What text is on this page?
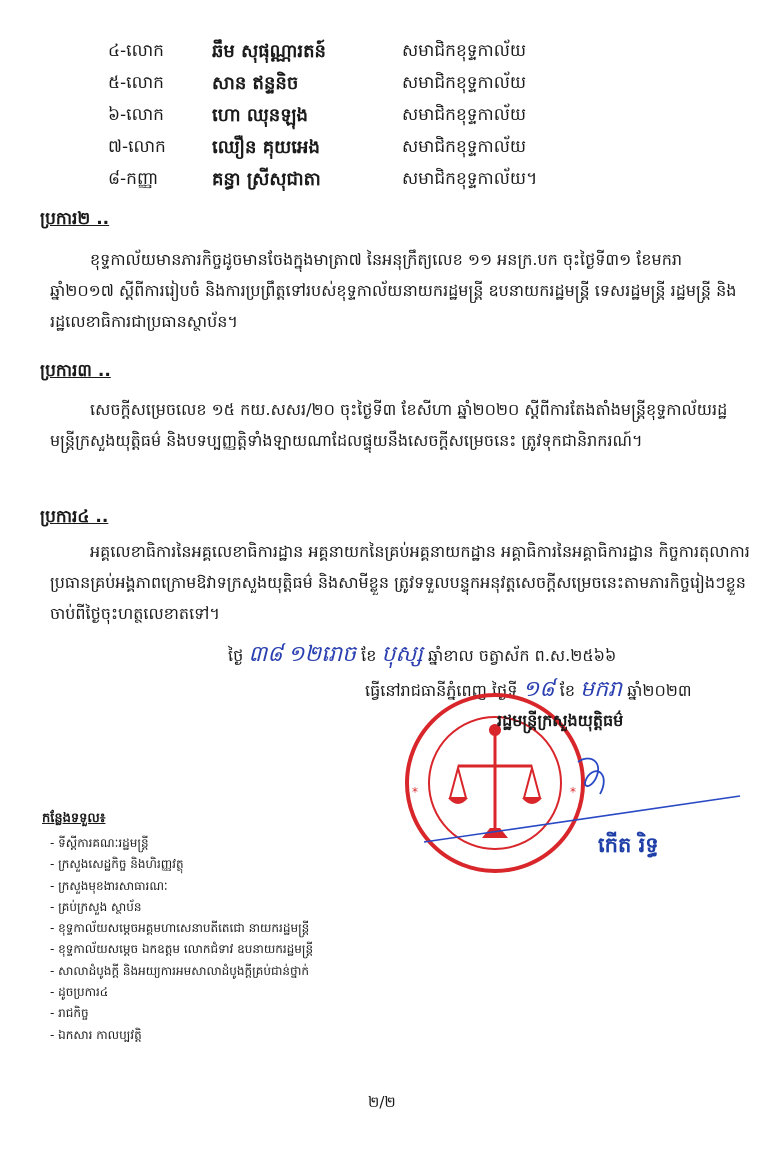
៤-លោក	ឆឹម សុផុណ្ណារតន៍	សមាជិកខុទ្ទកាល័យ
៥-លោក	សាន ឥន្ទនិច	សមាជិកខុទ្ទកាល័យ
៦-លោក	ហោ ឈុនឡុង	សមាជិកខុទ្ទកាល័យ
៧-លោក	ឈឿន គុយអេង	សមាជិកខុទ្ទកាល័យ
៨-កញ្ញា	គន្ធា ស្រីសុជាតា	សមាជិកខុទ្ទកាល័យ។
ប្រការ២ ..
ខុទ្ទកាល័យមានភារកិច្ចដូចមានចែងក្នុងមាត្រា៧ នៃអនុក្រឹត្យលេខ ១១ អនក្រ.បក ចុះថ្ងៃទី៣១ ខែមករា ឆ្នាំ២០១៧ ស្ដីពីការរៀបចំ និងការប្រព្រឹត្តទៅរបស់ខុទ្ទកាល័យនាយករដ្ឋមន្ត្រី ឧបនាយករដ្ឋមន្ត្រី ទេសរដ្ឋមន្ត្រី រដ្ឋមន្ត្រី និងរដ្ឋលេខាធិការជាប្រធានស្ថាប័ន។
ប្រការ៣ ..
សេចក្ដីសម្រេចលេខ ១៥ កយ.សសរ/២០ ចុះថ្ងៃទី៣ ខែសីហា ឆ្នាំ២០២០ ស្ដីពីការតែងតាំងមន្ត្រីខុទ្ទកាល័យរដ្ឋមន្ត្រីក្រសួងយុត្តិធម៌ និងបទប្បញ្ញត្តិទាំងឡាយណាដែលផ្ទុយនឹងសេចក្ដីសម្រេចនេះ ត្រូវទុកជានិរាករណ៍។
ប្រការ៤ ..
អគ្គលេខាធិការនៃអគ្គលេខាធិការដ្ឋាន អគ្គនាយកនៃគ្រប់អគ្គនាយកដ្ឋាន អគ្គាធិការនៃអគ្គាធិការដ្ឋាន កិច្ចការតុលាការ ប្រធានគ្រប់អង្គភាពក្រោមឱវាទក្រសួងយុត្តិធម៌ និងសាមីខ្លួន ត្រូវទទួលបន្ទុកអនុវត្តសេចក្ដីសម្រេចនេះតាមភារកិច្ចរៀងៗខ្លួនចាប់ពីថ្ងៃចុះហត្ថលេខាតទៅ។
ថ្ងៃ ៣៨ ១២រោច ខែ បុស្ស ឆ្នាំខាល ចត្វាស័ក ព.ស.២៥៦៦
ធ្វើនៅរាជធានីភ្នំពេញ ថ្ងៃទី ១៨ ខែ មករា ឆ្នាំ២០២៣
*	*
រដ្ឋមន្ត្រីក្រសួងយុត្តិធម៌
កើត រិទ្ធ
កន្លែងទទួល៖
- ទីស្ដីការគណៈរដ្ឋមន្ត្រី
- ក្រសួងសេដ្ឋកិច្ច និងហិរញ្ញវត្ថុ
- ក្រសួងមុខងារសាធារណៈ
- គ្រប់ក្រសួង ស្ថាប័ន
- ខុទ្ទកាល័យសម្ដេចអគ្គមហាសេនាបតីតេជោ នាយករដ្ឋមន្ត្រី
- ខុទ្ទកាល័យសម្ដេច ឯកឧត្តម លោកជំទាវ ឧបនាយករដ្ឋមន្ត្រី
- សាលាដំបូងក្ដី និងអយ្យការអមសាលាដំបូងក្ដីគ្រប់ជាន់ថ្នាក់
- ដូចប្រការ៤
- រាជកិច្ច
- ឯកសារ កាលប្បវត្តិ
២/២
